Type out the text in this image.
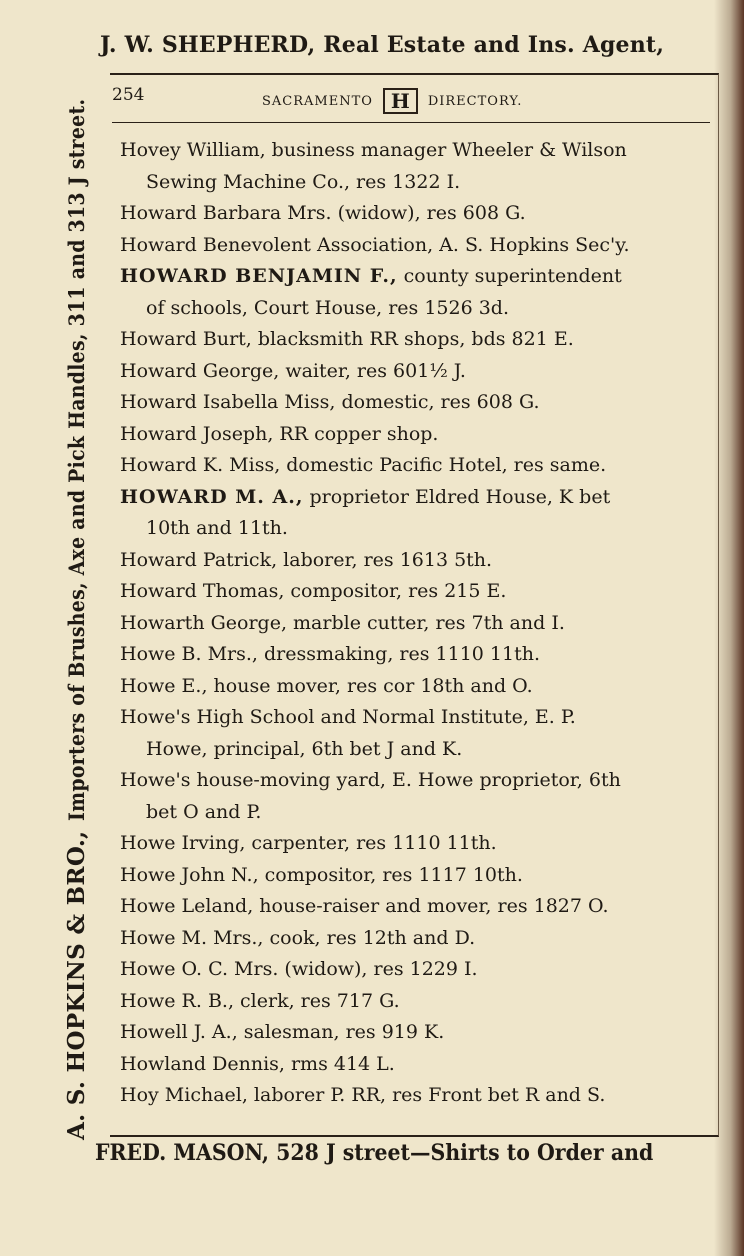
J. W. SHEPHERD, Real Estate and Ins. Agent,
A. S. HOPKINS & BRO.,
Importers of Brushes, Axe and Pick Handles, 311 and 313 J street.
254	SACRAMENTO H	DIRECTORY.
Hovey William, business manager Wheeler & Wilson
Sewing Machine Co., res 1322 I.
Howard Barbara Mrs. (widow), res 608 G.
Howard Benevolent Association, A. S. Hopkins Sec'y.
HOWARD BENJAMIN F., county superintendent
of schools, Court House, res 1526 3d.
Howard Burt, blacksmith RR shops, bds 821 E.
Howard George, waiter, res 601½ J.
Howard Isabella Miss, domestic, res 608 G.
Howard Joseph, RR copper shop.
Howard K. Miss, domestic Pacific Hotel, res same.
HOWARD M. A., proprietor Eldred House, K bet
10th and 11th.
Howard Patrick, laborer, res 1613 5th.
Howard Thomas, compositor, res 215 E.
Howarth George, marble cutter, res 7th and I.
Howe B. Mrs., dressmaking, res 1110 11th.
Howe E., house mover, res cor 18th and O.
Howe's High School and Normal Institute, E. P.
Howe, principal, 6th bet J and K.
Howe's house-moving yard, E. Howe proprietor, 6th
bet O and P.
Howe Irving, carpenter, res 1110 11th.
Howe John N., compositor, res 1117 10th.
Howe Leland, house-raiser and mover, res 1827 O.
Howe M. Mrs., cook, res 12th and D.
Howe O. C. Mrs. (widow), res 1229 I.
Howe R. B., clerk, res 717 G.
Howell J. A., salesman, res 919 K.
Howland Dennis, rms 414 L.
Hoy Michael, laborer P. RR, res Front bet R and S.
FRED. MASON, 528 J street—Shirts to Order and
